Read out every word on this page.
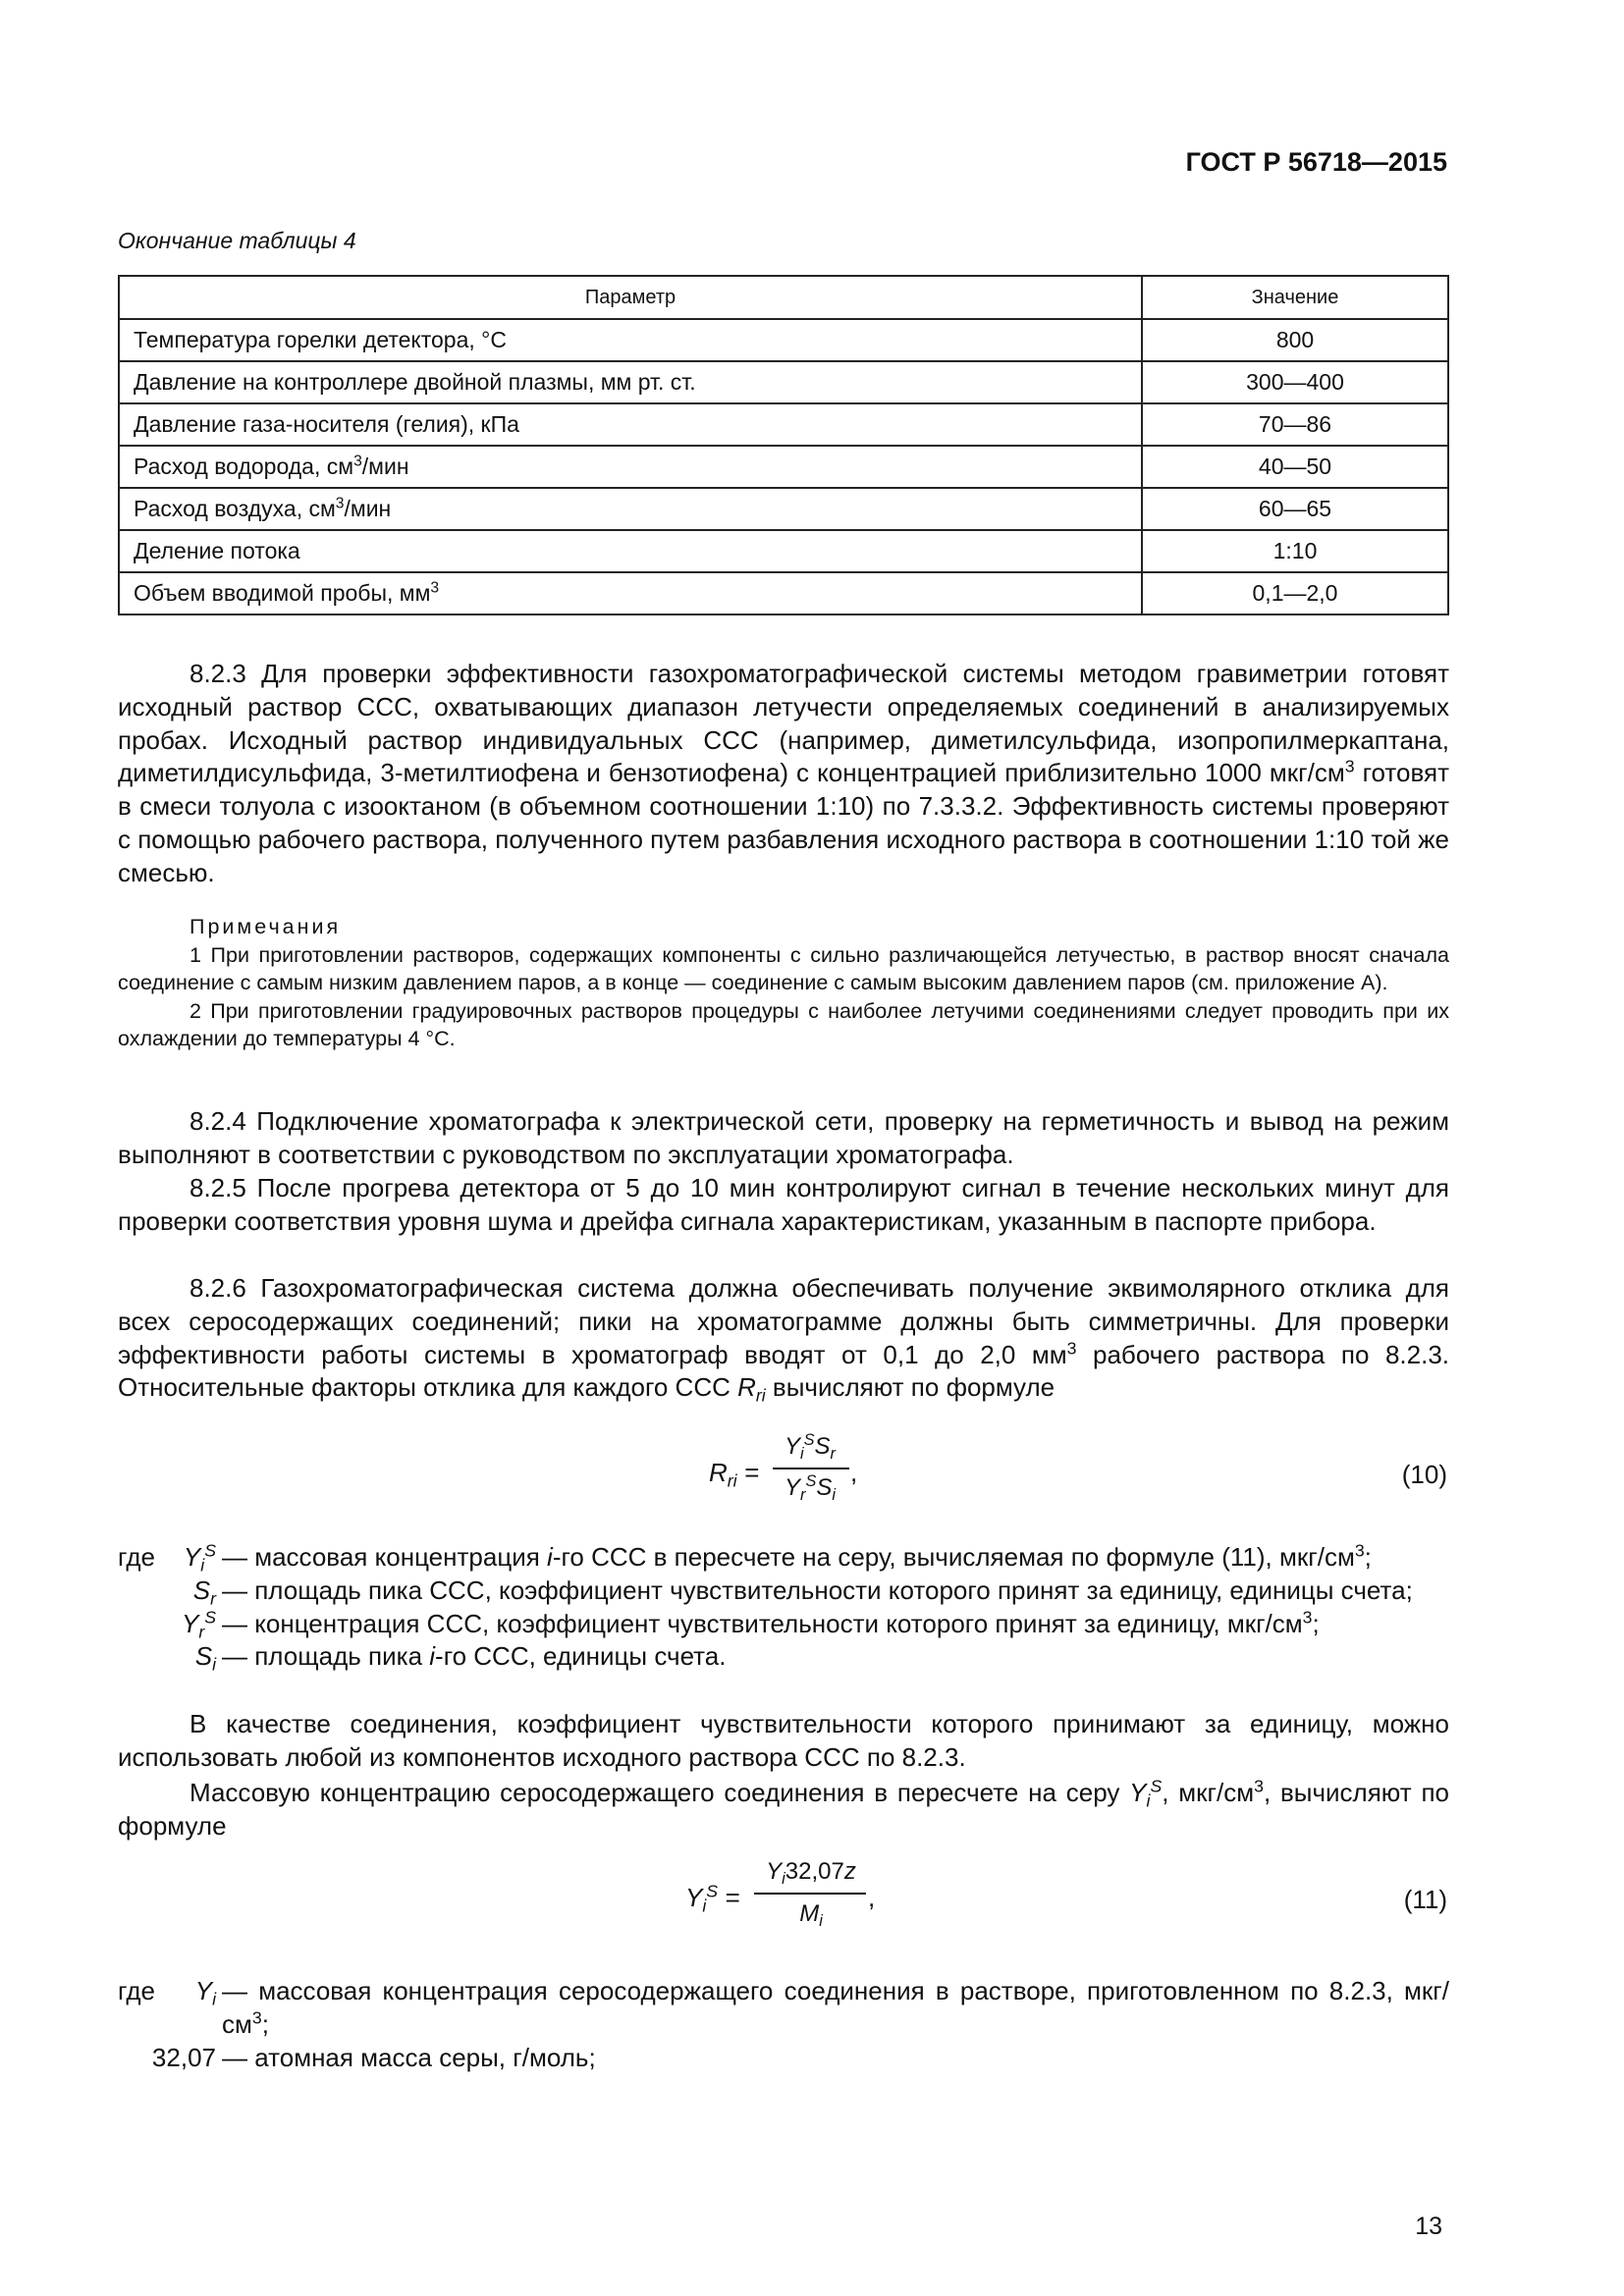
ГОСТ Р 56718—2015
Окончание таблицы 4
Параметр	Значение
Температура горелки детектора, °С	800
Давление на контроллере двойной плазмы, мм рт. ст.	300—400
Давление газа-носителя (гелия), кПа	70—86
Расход водорода, $см^3$/мин	40—50
Расход воздуха, $см^3$/мин	60—65
Деление потока	1:10
Объем вводимой пробы, $мм^3$	0,1—2,0

8.2.3 Для проверки эффективности газохроматографической системы методом гравиметрии готовят исходный раствор ССС, охватывающих диапазон летучести определяемых соединений в анализируемых пробах. Исходный раствор индивидуальных ССС (например, диметилсульфида, изопропилмеркаптана, диметилдисульфида, 3-метилтиофена и бензотиофена) с концентрацией приблизительно 1000 мкг/$см^3$ готовят в смеси толуола с изооктаном (в объемном соотношении 1:10) по 7.3.3.2. Эффективность системы проверяют с помощью рабочего раствора, полученного путем разбавления исходного раствора в соотношении 1:10 той же смесью.

Примечания
1 При приготовлении растворов, содержащих компоненты с сильно различающейся летучестью, в раствор вносят сначала соединение с самым низким давлением паров, а в конце — соединение с самым высоким давлением паров (см. приложение А).
2 При приготовлении градуировочных растворов процедуры с наиболее летучими соединениями следует проводить при их охлаждении до температуры 4 °С.

8.2.4 Подключение хроматографа к электрической сети, проверку на герметичность и вывод на режим выполняют в соответствии с руководством по эксплуатации хроматографа.

8.2.5 После прогрева детектора от 5 до 10 мин контролируют сигнал в течение нескольких минут для проверки соответствия уровня шума и дрейфа сигнала характеристикам, указанным в паспорте прибора.

8.2.6 Газохроматографическая система должна обеспечивать получение эквимолярного отклика для всех серосодержащих соединений; пики на хроматограмме должны быть симметричны. Для проверки эффективности работы системы в хроматограф вводят от 0,1 до 2,0 $мм^3$ рабочего раствора по 8.2.3. Относительные факторы отклика для каждого ССС $R_{ri}$ вычисляют по формуле

$R_{ri}$ =
$Y_i^SS_r$
$Y_r^SS_i$
,	(10)
где	$Y_i^S$ — массовая концентрация i-го ССС в пересчете на серу, вычисляемая по формуле (11), мкг/$см^3$;
$S_r$ — площадь пика ССС, коэффициент чувствительности которого принят за единицу, единицы счета;
$Y_r^S$ — концентрация ССС, коэффициент чувствительности которого принят за единицу, мкг/$см^3$;
$S_i$ — площадь пика i-го ССС, единицы счета.

В качестве соединения, коэффициент чувствительности которого принимают за единицу, можно использовать любой из компонентов исходного раствора ССС по 8.2.3.

Массовую концентрацию серосодержащего соединения в пересчете на серу $Y_i^S$, мкг/$см^3$, вычисляют по формуле

$Y_i^S$ =
$Y_i32,07z$
$M_i$
,	(11)
где	$Y_i$ — массовая концентрация серосодержащего соединения в растворе, приготовленном по 8.2.3, мкг/$см^3$;
32,07 — атомная масса серы, г/моль;
13
